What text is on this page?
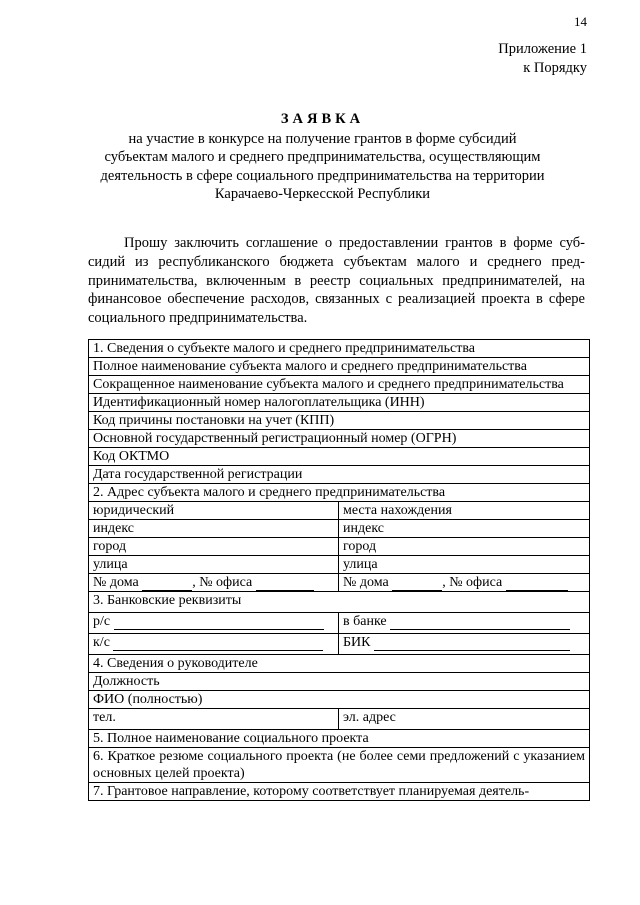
14
Приложение 1
к Порядку
ЗАЯВКА
на участие в конкурсе на получение грантов в форме субсидий
субъектам малого и среднего предпринимательства, осуществляющим
деятельность в сфере социального предпринимательства на территории
Карачаево-Черкесской Республики
Прошу заключить соглашение о предоставлении грантов в форме субсидий из республиканского бюджета субъектам малого и среднего предпринимательства, включенным в реестр социальных предпринимателей, на финансовое обеспечение расходов, связанных с реализацией проекта в сфере социального предпринимательства.
1. Сведения о субъекте малого и среднего предпринимательства	
Полное наименование субъекта малого и среднего предпринимательства	
Сокращенное наименование субъекта малого и среднего предпринимательства	
Идентификационный номер налогоплательщика (ИНН)	
Код причины постановки на учет (КПП)	
Основной государственный регистрационный номер (ОГРН)	
Код ОКТМО	
Дата государственной регистрации	
2. Адрес субъекта малого и среднего предпринимательства	
юридический	места нахождения
индекс	индекс
город	город
улица	улица
№ дома , № офиса	№ дома , № офиса
3. Банковские реквизиты	
р/с	в банке
к/с	БИК
4. Сведения о руководителе	
Должность	
ФИО (полностью)	
тел.	эл. адрес
5. Полное наименование социального проекта	
6. Краткое резюме социального проекта (не более семи предложений с указанием основных целей проекта)	
7. Грантовое направление, которому соответствует планируемая деятель-	
